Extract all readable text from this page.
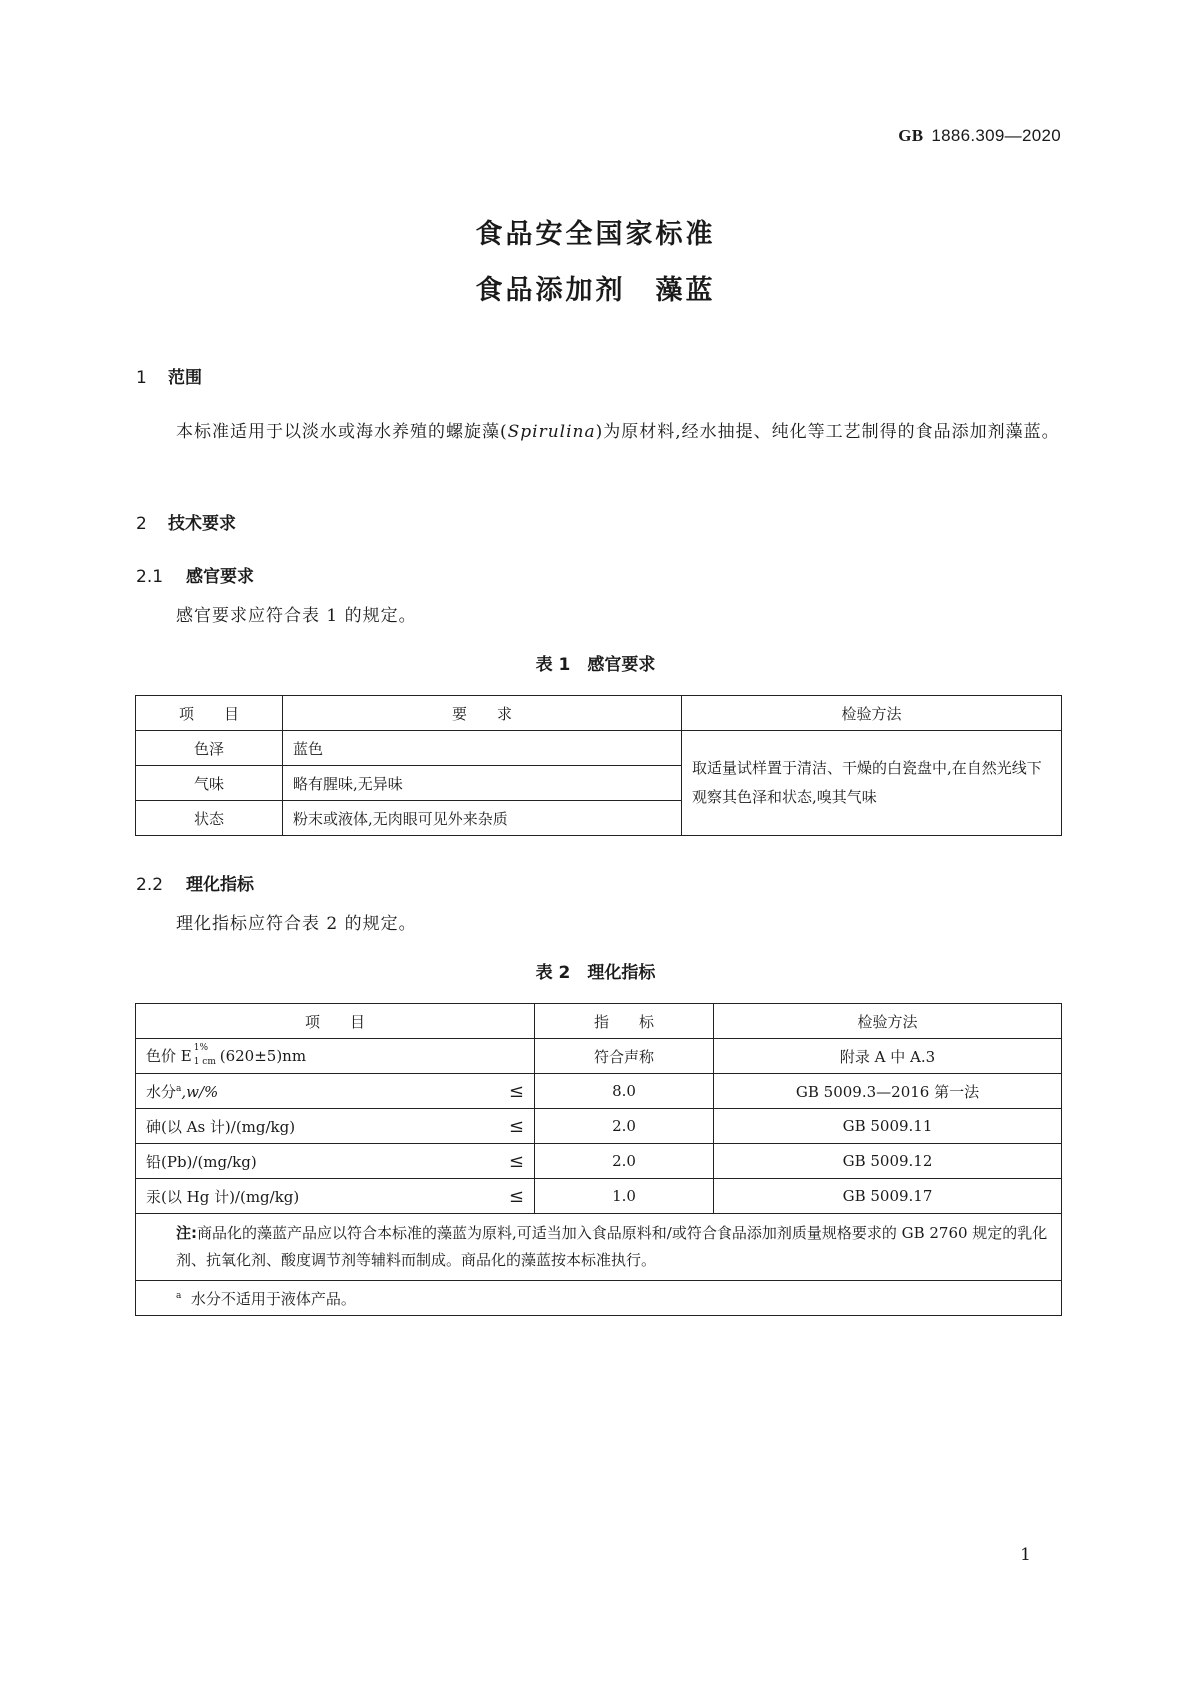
GB 1886.309—2020
食品安全国家标准
食品添加剂　藻蓝
1 范围
本标准适用于以淡水或海水养殖的螺旋藻(Spirulina)为原材料,经水抽提、纯化等工艺制得的食品添加剂藻蓝。
2 技术要求
2.1 感官要求
感官要求应符合表 1 的规定。
表 1　感官要求
项　　目	要　　求	检验方法
色泽	蓝色	取适量试样置于清洁、干燥的白瓷盘中,在自然光线下观察其色泽和状态,嗅其气味
气味	略有腥味,无异味	
状态	粉末或液体,无肉眼可见外来杂质	
2.2 理化指标
理化指标应符合表 2 的规定。
表 2　理化指标
项　　目	指　　标	检验方法
色价 E 1%
1 cm (620±5)nm	符合声称	附录 A 中 A.3
水分$^a$,w/% ≤	8.0	GB 5009.3—2016 第一法
砷(以 As 计)/(mg/kg) ≤	2.0	GB 5009.11
铅(Pb)/(mg/kg) ≤	2.0	GB 5009.12
汞(以 Hg 计)/(mg/kg) ≤	1.0	GB 5009.17
注:商品化的藻蓝产品应以符合本标准的藻蓝为原料,可适当加入食品原料和/或符合食品添加剂质量规格要求的 GB 2760 规定的乳化剂、抗氧化剂、酸度调节剂等辅料而制成。商品化的藻蓝按本标准执行。		
$^a$ 水分不适用于液体产品。		
1
